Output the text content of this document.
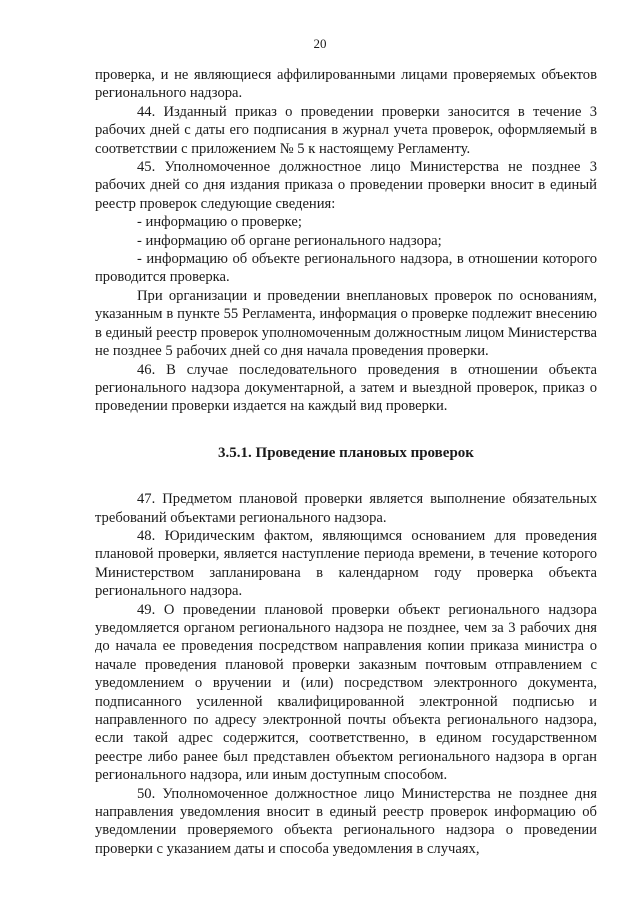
20

проверка, и не являющиеся аффилированными лицами проверяемых объектов регионального надзора.

44. Изданный приказ о проведении проверки заносится в течение 3 рабочих дней с даты его подписания в журнал учета проверок, оформляемый в соответствии с приложением № 5 к настоящему Регламенту.

45. Уполномоченное должностное лицо Министерства не позднее 3 рабочих дней со дня издания приказа о проведении проверки вносит в единый реестр проверок следующие сведения:

- информацию о проверке;

- информацию об органе регионального надзора;

- информацию об объекте регионального надзора, в отношении которого проводится проверка.

При организации и проведении внеплановых проверок по основаниям, указанным в пункте 55 Регламента, информация о проверке подлежит внесению в единый реестр проверок уполномоченным должностным лицом Министерства не позднее 5 рабочих дней со дня начала проведения проверки.

46. В случае последовательного проведения в отношении объекта регионального надзора документарной, а затем и выездной проверок, приказ о проведении проверки издается на каждый вид проверки.

3.5.1. Проведение плановых проверок

47. Предметом плановой проверки является выполнение обязательных требований объектами регионального надзора.

48. Юридическим фактом, являющимся основанием для проведения плановой проверки, является наступление периода времени, в течение которого Министерством запланирована в календарном году проверка объекта регионального надзора.

49. О проведении плановой проверки объект регионального надзора уведомляется органом регионального надзора не позднее, чем за 3 рабочих дня до начала ее проведения посредством направления копии приказа министра о начале проведения плановой проверки заказным почтовым отправлением с уведомлением о вручении и (или) посредством электронного документа, подписанного усиленной квалифицированной электронной подписью и направленного по адресу электронной почты объекта регионального надзора, если такой адрес содержится, соответственно, в едином государственном реестре либо ранее был представлен объектом регионального надзора в орган регионального надзора, или иным доступным способом.

50. Уполномоченное должностное лицо Министерства не позднее дня направления уведомления вносит в единый реестр проверок информацию об уведомлении проверяемого объекта регионального надзора о проведении проверки с указанием даты и способа уведомления в случаях,
